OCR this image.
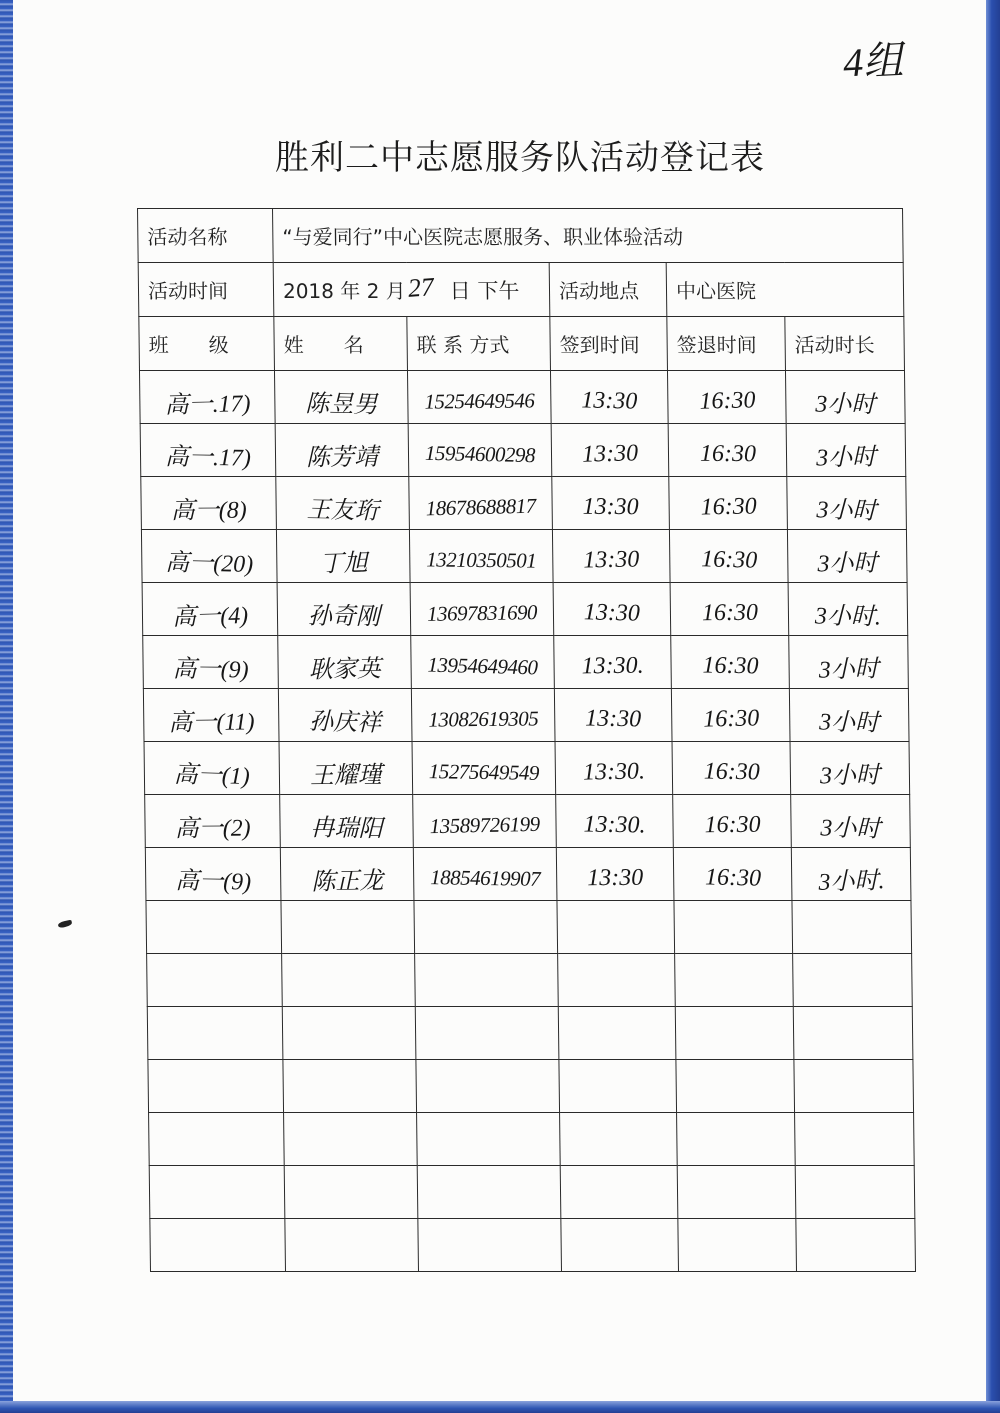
4组
胜利二中志愿服务队活动登记表
活动名称	“与爱同行”中心医院志愿服务、职业体验活动				
活动时间	2018 年 2 月27 日 下午		活动地点	中心医院	
班　　级	姓　　名	联 系 方式	签到时间	签退时间	活动时长
高一.17)	陈昱男	15254649546	13:30	16:30	3小时
高一.17)	陈芳靖	15954600298	13:30	16:30	3小时
高一(8)	王友珩	18678688817	13:30	16:30	3小时
高一(20)	丁旭	13210350501	13:30	16:30	3小时
高一(4)	孙奇刚	13697831690	13:30	16:30	3小时.
高一(9)	耿家英	13954649460	13:30.	16:30	3小时
高一(11)	孙庆祥	13082619305	13:30	16:30	3小时
高一(1)	王耀瑾	15275649549	13:30.	16:30	3小时
高一(2)	冉瑞阳	13589726199	13:30.	16:30	3小时
高一(9)	陈正龙	18854619907	13:30	16:30	3小时.
